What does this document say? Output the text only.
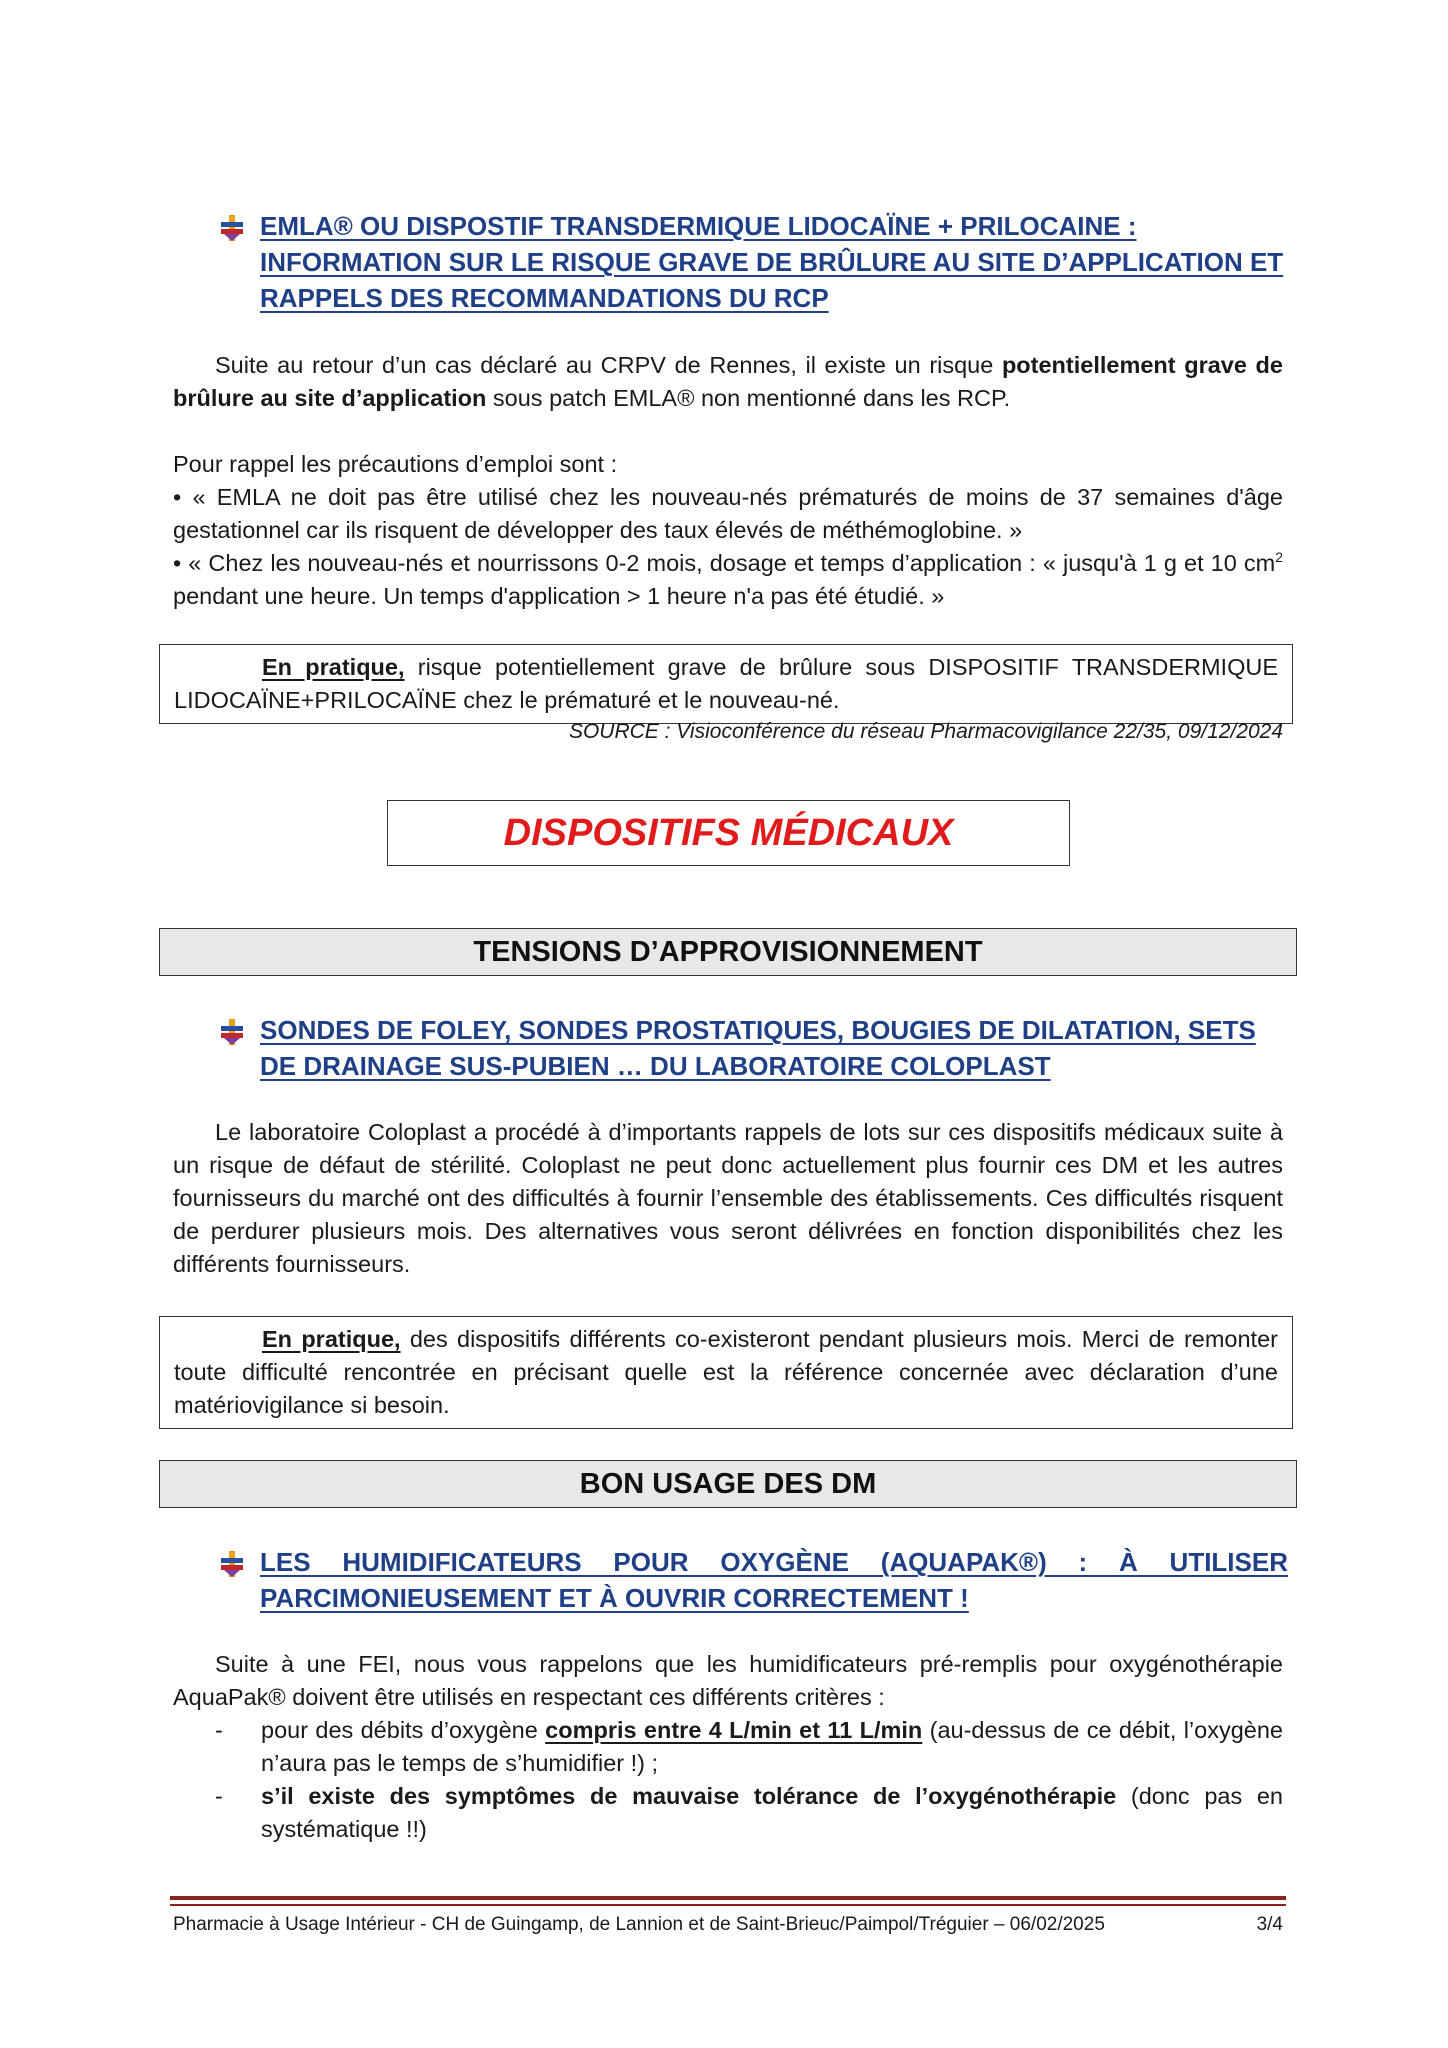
EMLA® OU DISPOSTIF TRANSDERMIQUE LIDOCAÏNE + PRILOCAINE : INFORMATION SUR LE RISQUE GRAVE DE BRÛLURE AU SITE D’APPLICATION ET RAPPELS DES RECOMMANDATIONS DU RCP
Suite au retour d’un cas déclaré au CRPV de Rennes, il existe un risque potentiellement grave de brûlure au site d’application sous patch EMLA® non mentionné dans les RCP.
Pour rappel les précautions d’emploi sont :
• « EMLA ne doit pas être utilisé chez les nouveau-nés prématurés de moins de 37 semaines d'âge gestationnel car ils risquent de développer des taux élevés de méthémoglobine. »
• « Chez les nouveau-nés et nourrissons 0-2 mois, dosage et temps d’application : « jusqu'à 1 g et 10 $cm^2$ pendant une heure. Un temps d'application > 1 heure n'a pas été étudié. »
En pratique, risque potentiellement grave de brûlure sous DISPOSITIF TRANSDERMIQUE LIDOCAÏNE+PRILOCAÏNE chez le prématuré et le nouveau-né.
SOURCE : Visioconférence du réseau Pharmacovigilance 22/35, 09/12/2024
DISPOSITIFS MÉDICAUX
TENSIONS D’APPROVISIONNEMENT
SONDES DE FOLEY, SONDES PROSTATIQUES, BOUGIES DE DILATATION, SETS DE DRAINAGE SUS-PUBIEN … DU LABORATOIRE COLOPLAST
Le laboratoire Coloplast a procédé à d’importants rappels de lots sur ces dispositifs médicaux suite à un risque de défaut de stérilité. Coloplast ne peut donc actuellement plus fournir ces DM et les autres fournisseurs du marché ont des difficultés à fournir l’ensemble des établissements. Ces difficultés risquent de perdurer plusieurs mois. Des alternatives vous seront délivrées en fonction disponibilités chez les différents fournisseurs.
En pratique, des dispositifs différents co-existeront pendant plusieurs mois. Merci de remonter toute difficulté rencontrée en précisant quelle est la référence concernée avec déclaration d’une matériovigilance si besoin.
BON USAGE DES DM
LES HUMIDIFICATEURS POUR OXYGÈNE (AQUAPAK®) : À UTILISER
PARCIMONIEUSEMENT ET À OUVRIR CORRECTEMENT !
Suite à une FEI, nous vous rappelons que les humidificateurs pré-remplis pour oxygénothérapie AquaPak® doivent être utilisés en respectant ces différents critères :
-	pour des débits d’oxygène compris entre 4 L/min et 11 L/min (au-dessus de ce débit, l’oxygène n’aura pas le temps de s’humidifier !) ;
-	s’il existe des symptômes de mauvaise tolérance de l’oxygénothérapie (donc pas en systématique !!)
Pharmacie à Usage Intérieur - CH de Guingamp, de Lannion et de Saint-Brieuc/Paimpol/Tréguier – 06/02/2025	3/4
